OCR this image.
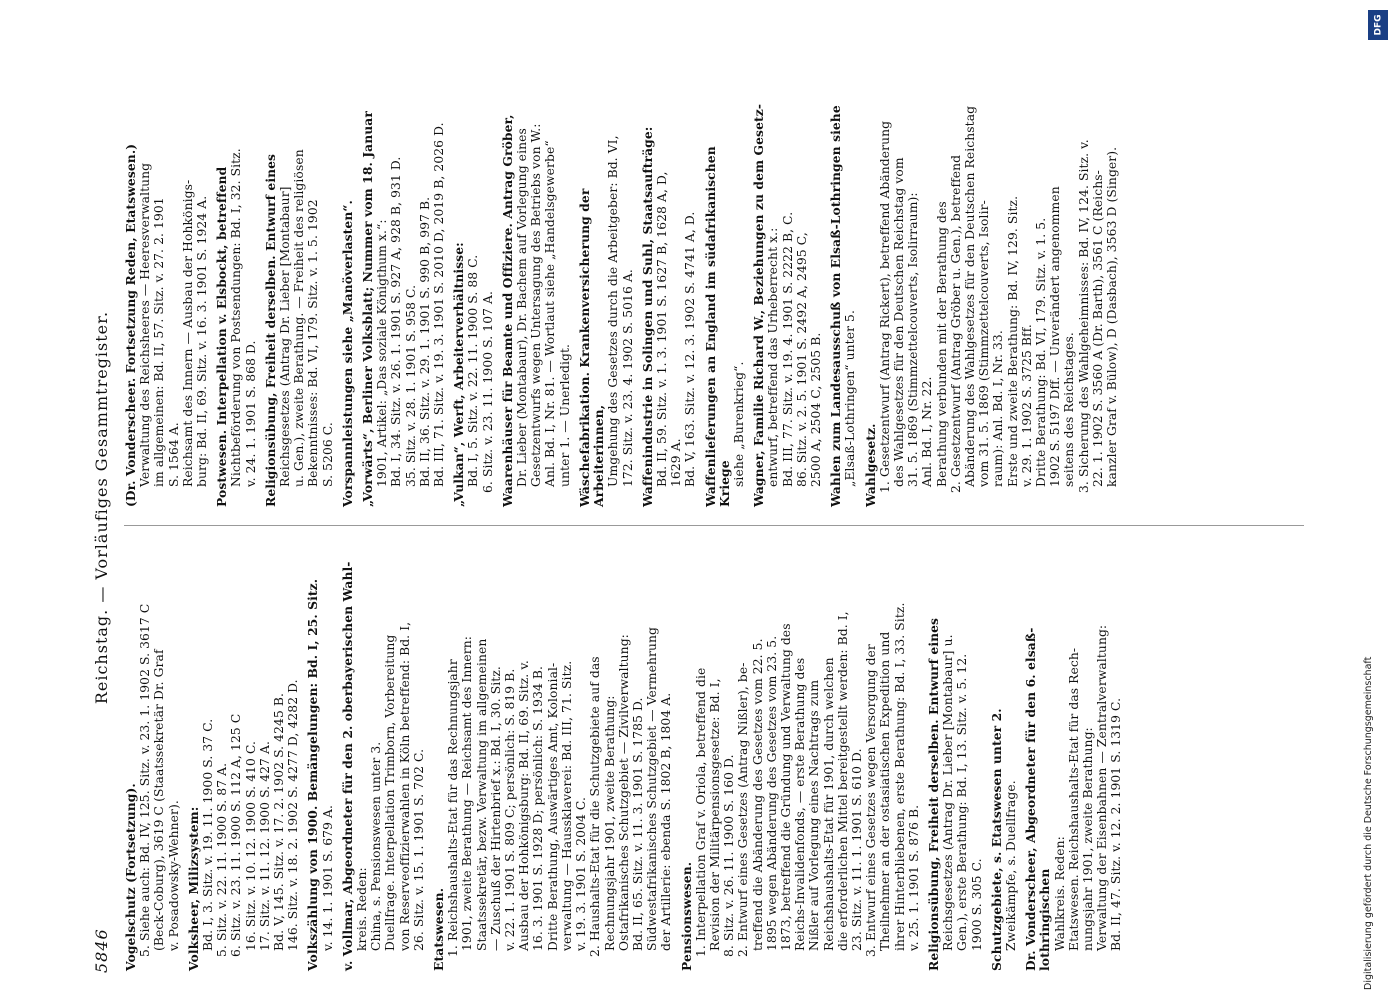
5846
Reichstag. — Vorläufiges Gesammtregister.

Vogelschutz (Fortsetzung). 5. Siehe auch: Bd. IV, 125. Sitz. v. 23. 1. 1902 S. 3617 C (Beck-Coburg), 3619 C (Staatssekretär Dr. Graf v. Posadowsky-Wehner). Volksheer, Milizsystem: Bd. I, 3. Sitz. v. 19. 11. 1900 S. 37 C. 5. Sitz. v. 22. 11. 1900 S. 87 A. 6. Sitz. v. 23. 11. 1900 S. 112 A, 125 C 16. Sitz. v. 10. 12. 1900 S. 410 C. 17. Sitz. v. 11. 12. 1900 S. 427 A. Bd. V, 145. Sitz. v. 17. 2. 1902 S. 4245 B. 146. Sitz. v. 18. 2. 1902 S. 4277 D, 4282 D. Volkszählung von 1900. Bemängelungen: Bd. I, 25. Sitz. v. 14. 1. 1901 S. 679 A. v. Vollmar, Abgeordneter für den 2. oberbayerischen Wahl- kreis. Reden: China, s. Pensionswesen unter 3. Duellfrage. Interpellation Trimborn, Vorbereitung von Reserveoffizierwahlen in Köln betreffend: Bd. I, 26. Sitz. v. 15. 1. 1901 S. 702 C. Etatswesen. 1. Reichshaushalts-Etat für das Rechnungsjahr 1901, zweite Berathung — Reichsamt des Innern: Staatssekretär, bezw. Verwaltung im allgemeinen — Zuschuß der Hirtenbrief x.: Bd. I, 30. Sitz. v. 22. 1. 1901 S. 809 C; persönlich: S. 819 B. Ausbau der Hohkönigsburg: Bd. II, 69. Sitz. v. 16. 3. 1901 S. 1928 D; persönlich: S. 1934 B. Dritte Berathung, Auswärtiges Amt, Kolonial- verwaltung — Haussklaverei: Bd. III, 71. Sitz. v. 19. 3. 1901 S. 2004 C. 2. Haushalts-Etat für die Schutzgebiete auf das Rechnungsjahr 1901, zweite Berathung: Ostafrikanisches Schutzgebiet — Zivilverwaltung: Bd. II, 65. Sitz. v. 11. 3. 1901 S. 1785 D. Südwestafrikanisches Schutzgebiet — Vermehrung der Artillerie: ebenda S. 1802 B, 1804 A. Pensionswesen. 1. Interpellation Graf v. Oriola, betreffend die Revision der Militärpensionsgesetze: Bd. I, 8. Sitz. v. 26. 11. 1900 S. 160 D. 2. Entwurf eines Gesetzes (Antrag Nißler), be- treffend die Abänderung des Gesetzes vom 22. 5. 1895 wegen Abänderung des Gesetzes vom 23. 5. 1873, betreffend die Gründung und Verwaltung des Reichs-Invalidenfonds, — erste Berathung des Nißler auf Vorlegung eines Nachtrags zum Reichshaushalts-Etat für 1901, durch welchen die erforderlichen Mittel bereitgestellt werden: Bd. I, 23. Sitz. v. 11. 1. 1901 S. 610 D. 3. Entwurf eines Gesetzes wegen Versorgung der Theilnehmer an der ostasiatischen Expedition und ihrer Hinterbliebenen, erste Berathung: Bd. I, 33. Sitz. v. 25. 1. 1901 S. 876 B. Religionsübung, Freiheit derselben. Entwurf eines Reichsgesetzes (Antrag Dr. Lieber [Montabaur] u. Gen.), erste Berathung: Bd. I, 13. Sitz. v. 5. 12. 1900 S. 305 C. Schutzgebiete, s. Etatswesen unter 2. Zweikämpfe, s. Duellfrage. Dr. Vonderscheer, Abgeordneter für den 6. elsaß-lothringischen Wahlkreis. Reden: Etatswesen. Reichshaushalts-Etat für das Rech- nungsjahr 1901, zweite Berathung: Verwaltung der Eisenbahnen — Zentralverwaltung: Bd. II, 47. Sitz. v. 12. 2. 1901 S. 1319 C.

(Dr. Vonderscheer. Fortsetzung Reden, Etatswesen.) Verwaltung des Reichsheeres — Heeresverwaltung im allgemeinen: Bd. II, 57. Sitz. v. 27. 2. 1901 S. 1564 A. Reichsamt des Innern — Ausbau der Hohkönigs- burg: Bd. II, 69. Sitz. v. 16. 3. 1901 S. 1924 A. Postwesen. Interpellation v. Elsbockt, betreffend Nichtbeförderung von Postsendungen: Bd. I, 32. Sitz. v. 24. 1. 1901 S. 868 D. Religionsübung, Freiheit derselben. Entwurf eines Reichsgesetzes (Antrag Dr. Lieber [Montabaur] u. Gen.), zweite Berathung. — Freiheit des religiösen Bekenntnisses: Bd. VI, 179. Sitz. v. 1. 5. 1902 S. 5206 C. Vorspannleistungen siehe „Manöverlasten“. „Vorwärts“, Berliner Volksblatt; Nummer vom 18. Januar 1901, Artikel: „Das soziale Königthum x.“: Bd. I, 34. Sitz. v. 26. 1. 1901 S. 927 A, 928 B, 931 D. 35. Sitz. v. 28. 1. 1901 S. 958 C. Bd. II, 36. Sitz. v. 29. 1. 1901 S. 990 B, 997 B. Bd. III, 71. Sitz. v. 19. 3. 1901 S. 2010 D, 2019 B, 2026 D. „Vulkan“, Werft, Arbeiterverhältnisse: Bd. I, 5. Sitz. v. 22. 11. 1900 S. 88 C. 6. Sitz. v. 23. 11. 1900 S. 107 A. Waarenhäuser für Beamte und Offiziere. Antrag Gröber, Dr. Lieber (Montabaur), Dr. Bachem auf Vorlegung eines Gesetzentwurfs wegen Untersagung des Betriebs von W.: Anl. Bd. I, Nr. 81. — Wortlaut siehe „Handelsgewerbe“ unter 1. — Unerledigt. Wäschefabrikation. Krankenversicherung der Arbeiterinnen, Umgehung des Gesetzes durch die Arbeitgeber: Bd. VI, 172. Sitz. v. 23. 4. 1902 S. 5016 A. Waffenindustrie in Solingen und Suhl, Staatsaufträge: Bd. II, 59. Sitz. v. 1. 3. 1901 S. 1627 B, 1628 A, D, 1629 A. Bd. V, 163. Sitz. v. 12. 3. 1902 S. 4741 A, D. Waffenlieferungen an England im südafrikanischen Kriege siehe „Burenkrieg“. Wagner, Familie Richard W., Beziehungen zu dem Gesetz- entwurf, betreffend das Urheberrecht x.: Bd. III, 77. Sitz. v. 19. 4. 1901 S. 2222 B, C. 86. Sitz. v. 2. 5. 1901 S. 2492 A, 2495 C, 2500 A, 2504 C, 2505 B. Wahlen zum Landesausschuß von Elsaß-Lothringen siehe „Elsaß-Lothringen“ unter 5. Wahlgesetz. 1. Gesetzentwurf (Antrag Rickert), betreffend Abänderung des Wahlgesetzes für den Deutschen Reichstag vom 31. 5. 1869 (Stimmzettelcouverts, Isolirraum): Anl. Bd. I, Nr. 22. Berathung verbunden mit der Berathung des 2. Gesetzentwurf (Antrag Gröber u. Gen.), betreffend Abänderung des Wahlgesetzes für den Deutschen Reichstag vom 31. 5. 1869 (Stimmzettelcouverts, Isolir- raum): Anl. Bd. I, Nr. 33. Erste und zweite Berathung: Bd. IV, 129. Sitz. v. 29. 1. 1902 S. 3725 Bff. Dritte Berathung: Bd. VI, 179. Sitz. v. 1. 5. 1902 S. 5197 Dff. — Unverändert angenommen seitens des Reichstages. 3. Sicherung des Wahlgeheimnisses: Bd. IV, 124. Sitz. v. 22. 1. 1902 S. 3560 A (Dr. Barth), 3561 C (Reichs- kanzler Graf v. Bülow), D (Dasbach), 3563 D (Singer).

DFG
Digitalisierung gefördert durch die Deutsche Forschungsgemeinschaft
